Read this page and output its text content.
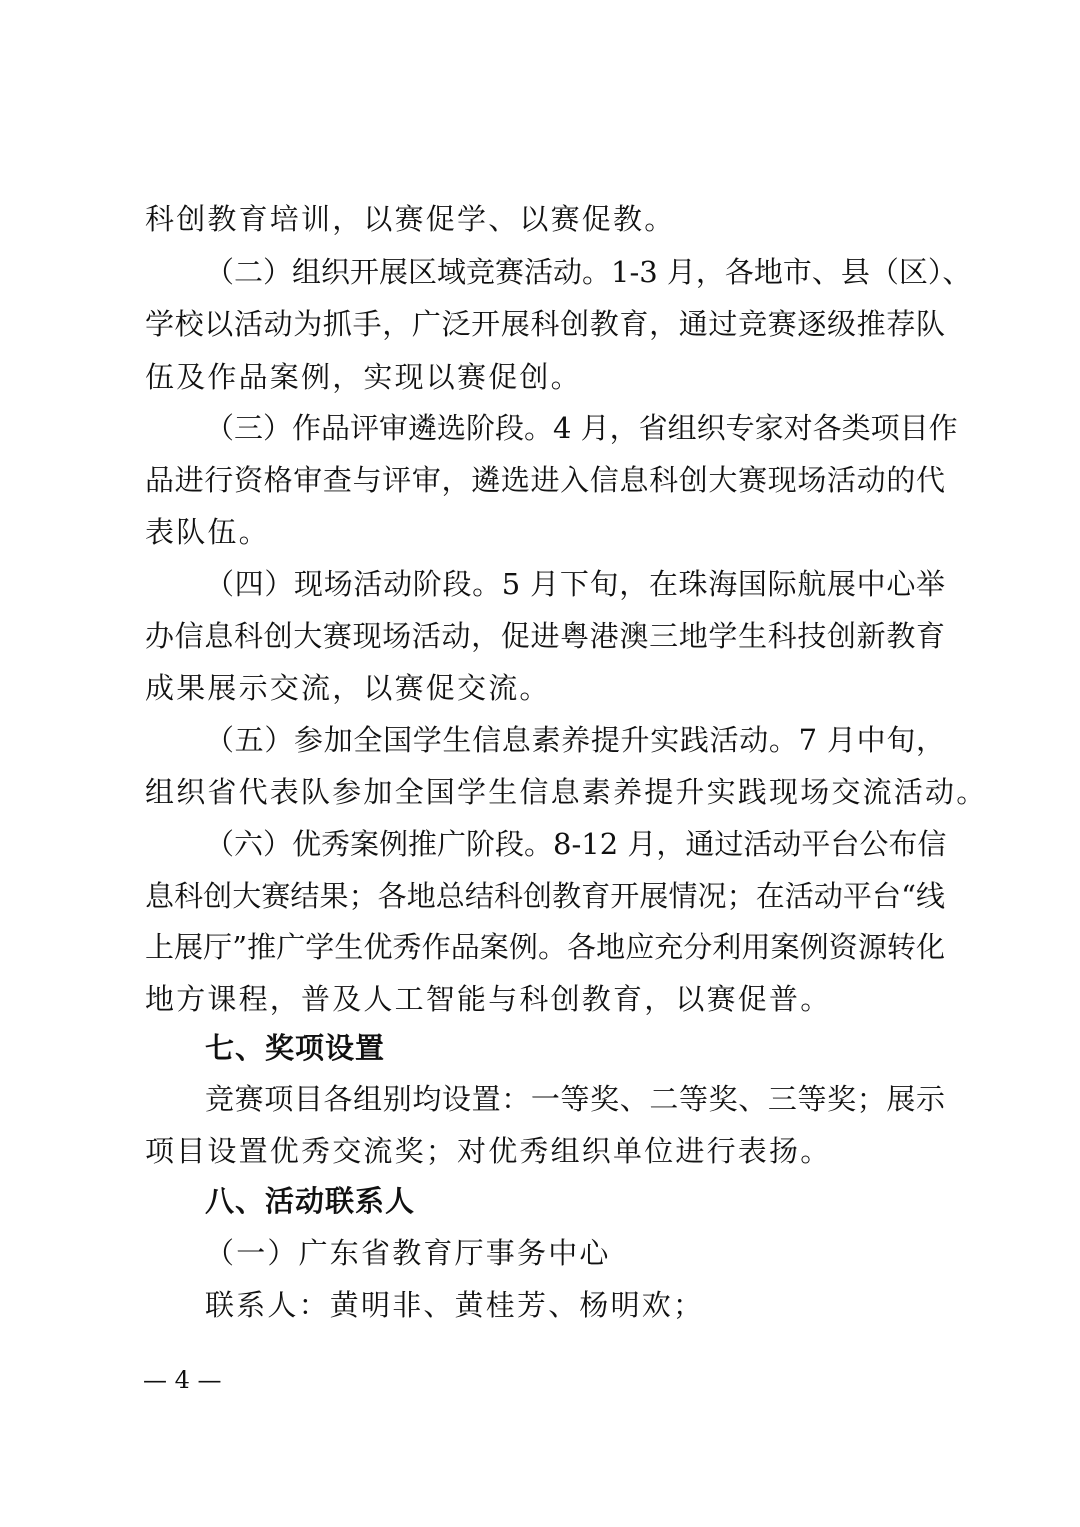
科创教育培训，以赛促学、以赛促教。
（二）组织开展区域竞赛活动。1-3 月，各地市、县（区）、
学校以活动为抓手，广泛开展科创教育，通过竞赛逐级推荐队
伍及作品案例，实现以赛促创。
（三）作品评审遴选阶段。4 月，省组织专家对各类项目作
品进行资格审查与评审，遴选进入信息科创大赛现场活动的代
表队伍。
（四）现场活动阶段。5 月下旬，在珠海国际航展中心举
办信息科创大赛现场活动，促进粤港澳三地学生科技创新教育
成果展示交流，以赛促交流。
（五）参加全国学生信息素养提升实践活动。7 月中旬，
组织省代表队参加全国学生信息素养提升实践现场交流活动。
（六）优秀案例推广阶段。8-12 月，通过活动平台公布信
息科创大赛结果；各地总结科创教育开展情况；在活动平台“线
上展厅”推广学生优秀作品案例。各地应充分利用案例资源转化
地方课程，普及人工智能与科创教育，以赛促普。
七、奖项设置
竞赛项目各组别均设置：一等奖、二等奖、三等奖；展示
项目设置优秀交流奖；对优秀组织单位进行表扬。
八、活动联系人
（一）广东省教育厅事务中心
联系人：黄明非、黄桂芳、杨明欢；
— 4 —
